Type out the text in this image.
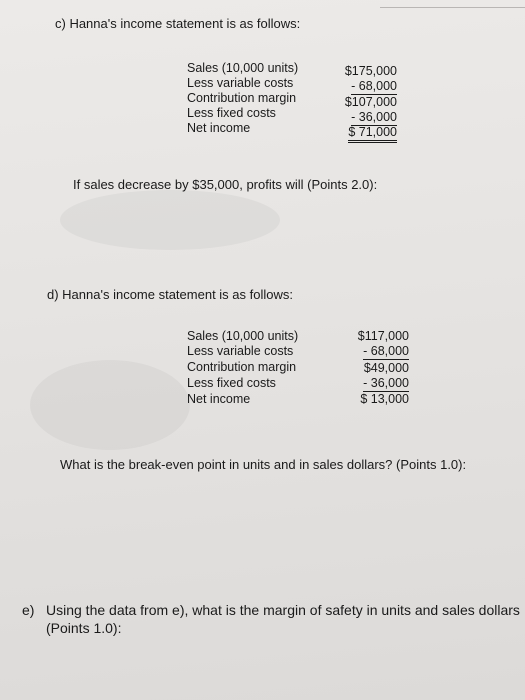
c) Hanna's income statement is as follows:
Sales (10,000 units)
Less variable costs
Contribution margin
Less fixed costs
Net income
$175,000
- 68,000
$107,000
- 36,000
$ 71,000
If sales decrease by $35,000, profits will (Points 2.0):
d) Hanna's income statement is as follows:
Sales (10,000 units)
Less variable costs
Contribution margin
Less fixed costs
Net income
$117,000
- 68,000
$49,000
- 36,000
$ 13,000
What is the break-even point in units and in sales dollars? (Points 1.0):
e) Using the data from e), what is the margin of safety in units and sales dollars
(Points 1.0):
